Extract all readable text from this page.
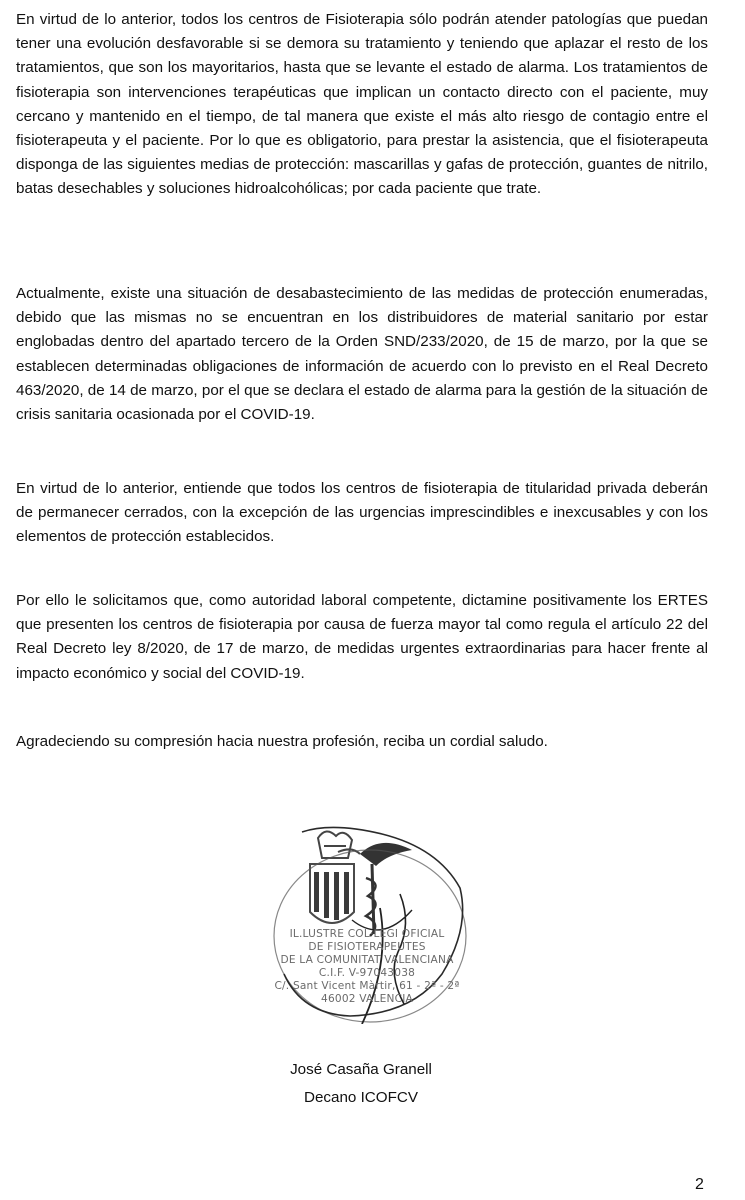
En virtud de lo anterior, todos los centros de Fisioterapia sólo podrán atender patologías que puedan tener una evolución desfavorable si se demora su tratamiento y teniendo que aplazar el resto de los tratamientos, que son los mayoritarios, hasta que se levante el estado de alarma. Los tratamientos de fisioterapia son intervenciones terapéuticas que implican un contacto directo con el paciente, muy cercano y mantenido en el tiempo, de tal manera que existe el más alto riesgo de contagio entre el fisioterapeuta y el paciente. Por lo que es obligatorio, para prestar la asistencia, que el fisioterapeuta disponga de las siguientes medias de protección: mascarillas y gafas de protección, guantes de nitrilo, batas desechables y soluciones hidroalcohólicas; por cada paciente que trate.

Actualmente, existe una situación de desabastecimiento de las medidas de protección enumeradas, debido que las mismas no se encuentran en los distribuidores de material sanitario por estar englobadas dentro del apartado tercero de la Orden SND/233/2020, de 15 de marzo, por la que se establecen determinadas obligaciones de información de acuerdo con lo previsto en el Real Decreto 463/2020, de 14 de marzo, por el que se declara el estado de alarma para la gestión de la situación de crisis sanitaria ocasionada por el COVID-19.

En virtud de lo anterior, entiende que todos los centros de fisioterapia de titularidad privada deberán de permanecer cerrados, con la excepción de las urgencias imprescindibles e inexcusables y con los elementos de protección establecidos.

Por ello le solicitamos que, como autoridad laboral competente, dictamine positivamente los ERTES que presenten los centros de fisioterapia por causa de fuerza mayor tal como regula el artículo 22 del Real Decreto ley 8/2020, de 17 de marzo, de medidas urgentes extraordinarias para hacer frente al impacto económico y social del COVID-19.

Agradeciendo su compresión hacia nuestra profesión, reciba un cordial saludo.

IL.LUSTRE COL·LEGI OFICIAL
DE FISIOTERAPEUTES
DE LA COMUNITAT VALENCIANA
C.I.F. V-97043038
C/. Sant Vicent Màrtir, 61 - 2ª - 2ª
46002 VALENCIA
José Casaña Granell
Decano ICOFCV
2
